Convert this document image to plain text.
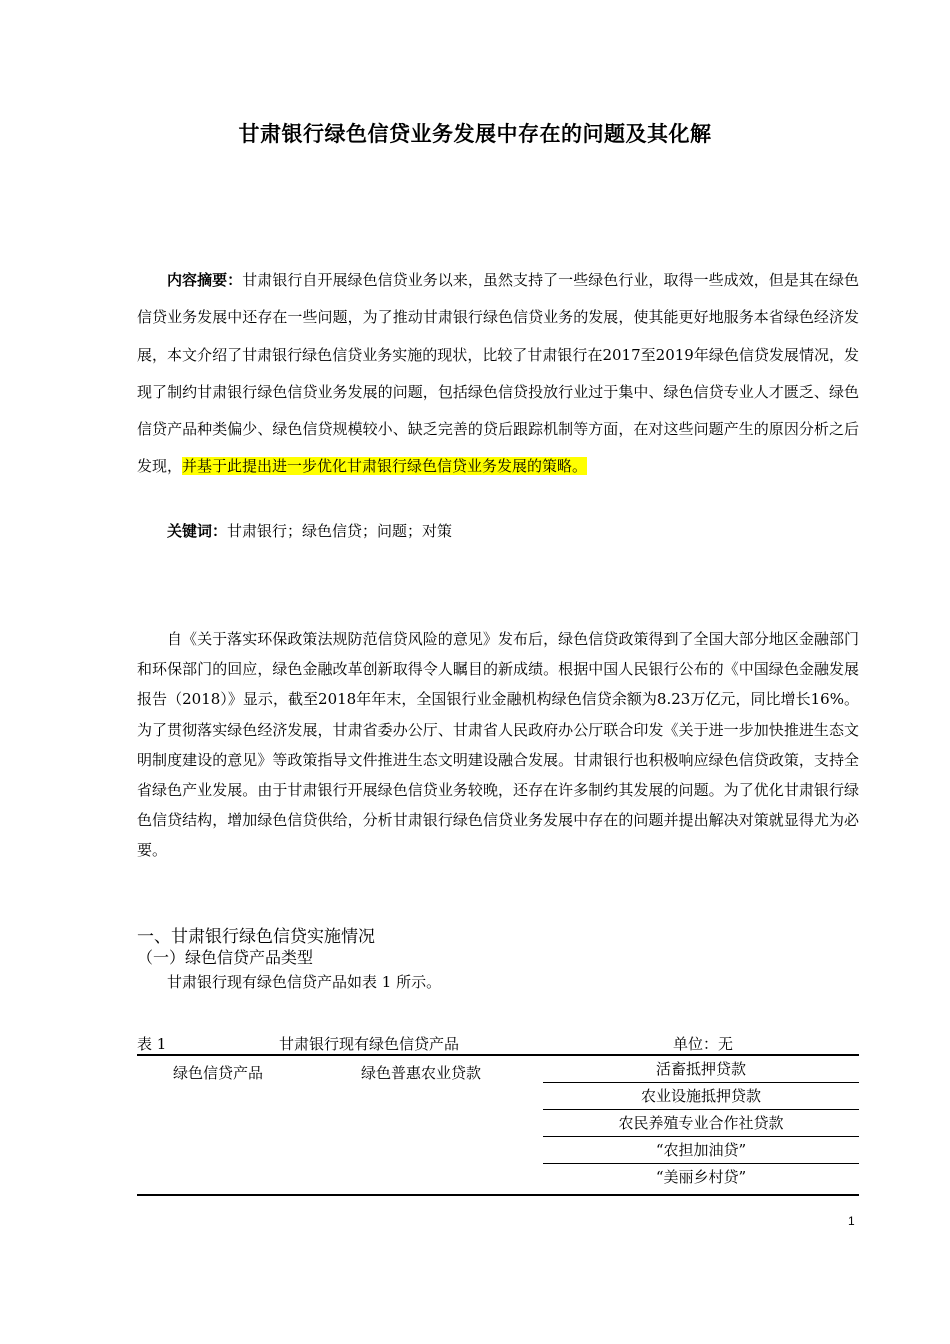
甘肃银行绿色信贷业务发展中存在的问题及其化解

内容摘要：甘肃银行自开展绿色信贷业务以来，虽然支持了一些绿色行业，取得一些成效，但是其在绿色信贷业务发展中还存在一些问题，为了推动甘肃银行绿色信贷业务的发展，使其能更好地服务本省绿色经济发展，本文介绍了甘肃银行绿色信贷业务实施的现状，比较了甘肃银行在2017至2019年绿色信贷发展情况，发现了制约甘肃银行绿色信贷业务发展的问题，包括绿色信贷投放行业过于集中、绿色信贷专业人才匮乏、绿色信贷产品种类偏少、绿色信贷规模较小、缺乏完善的贷后跟踪机制等方面，在对这些问题产生的原因分析之后发现，并基于此提出进一步优化甘肃银行绿色信贷业务发展的策略。

关键词：甘肃银行；绿色信贷；问题；对策

自《关于落实环保政策法规防范信贷风险的意见》发布后，绿色信贷政策得到了全国大部分地区金融部门和环保部门的回应，绿色金融改革创新取得令人瞩目的新成绩。根据中国人民银行公布的《中国绿色金融发展报告（2018）》显示，截至2018年年末，全国银行业金融机构绿色信贷余额为8.23万亿元，同比增长16%。为了贯彻落实绿色经济发展，甘肃省委办公厅、甘肃省人民政府办公厅联合印发《关于进一步加快推进生态文明制度建设的意见》等政策指导文件推进生态文明建设融合发展。甘肃银行也积极响应绿色信贷政策，支持全省绿色产业发展。由于甘肃银行开展绿色信贷业务较晚，还存在许多制约其发展的问题。为了优化甘肃银行绿色信贷结构，增加绿色信贷供给，分析甘肃银行绿色信贷业务发展中存在的问题并提出解决对策就显得尤为必要。

一、甘肃银行绿色信贷实施情况

（一）绿色信贷产品类型

甘肃银行现有绿色信贷产品如表 1 所示。

表 1	甘肃银行现有绿色信贷产品	单位：无
绿色信贷产品	绿色普惠农业贷款	活畜抵押贷款
农业设施抵押贷款
农民养殖专业合作社贷款
“农担加油贷”
“美丽乡村贷”
1
